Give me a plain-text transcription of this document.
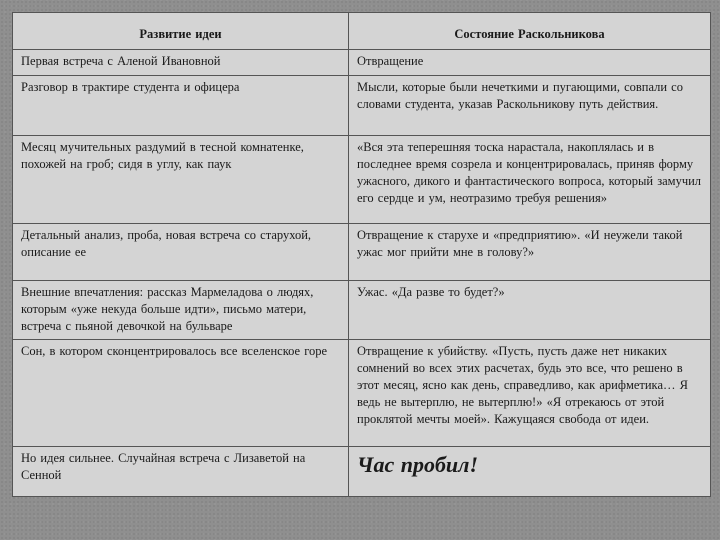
Развитие идеи	Состояние Раскольникова
Первая встреча с Аленой Ивановной	Отвращение
Разговор в трактире студента и офицера	Мысли, которые были нечеткими и пугающими, совпали со словами студента, указав Раскольникову путь действия.
Месяц мучительных раздумий в тесной комнатенке, похожей на гроб; сидя в углу, как паук	«Вся эта теперешняя тоска нарастала, накоплялась и в последнее время созрела и концентрировалась, приняв форму ужасного, дикого и фантастического вопроса, который замучил его сердце и ум, неотразимо требуя решения»
Детальный анализ, проба, новая встреча со старухой, описание ее	Отвращение к старухе и «предприятию». «И неужели такой ужас мог прийти мне в голову?»
Внешние впечатления: рассказ Мармеладова о людях, которым «уже некуда больше идти», письмо матери, встреча с пьяной девочкой на бульваре	Ужас. «Да разве то будет?»
Сон, в котором сконцентрировалось все вселенское горе	Отвращение к убийству. «Пусть, пусть даже нет никаких сомнений во всех этих расчетах, будь это все, что решено в этот месяц, ясно как день, справедливо, как арифметика… Я ведь не вытерплю, не вытерплю!» «Я отрекаюсь от этой проклятой мечты моей». Кажущаяся свобода от идеи.
Но идея сильнее. Случайная встреча с Лизаветой на Сенной	Час пробил!
